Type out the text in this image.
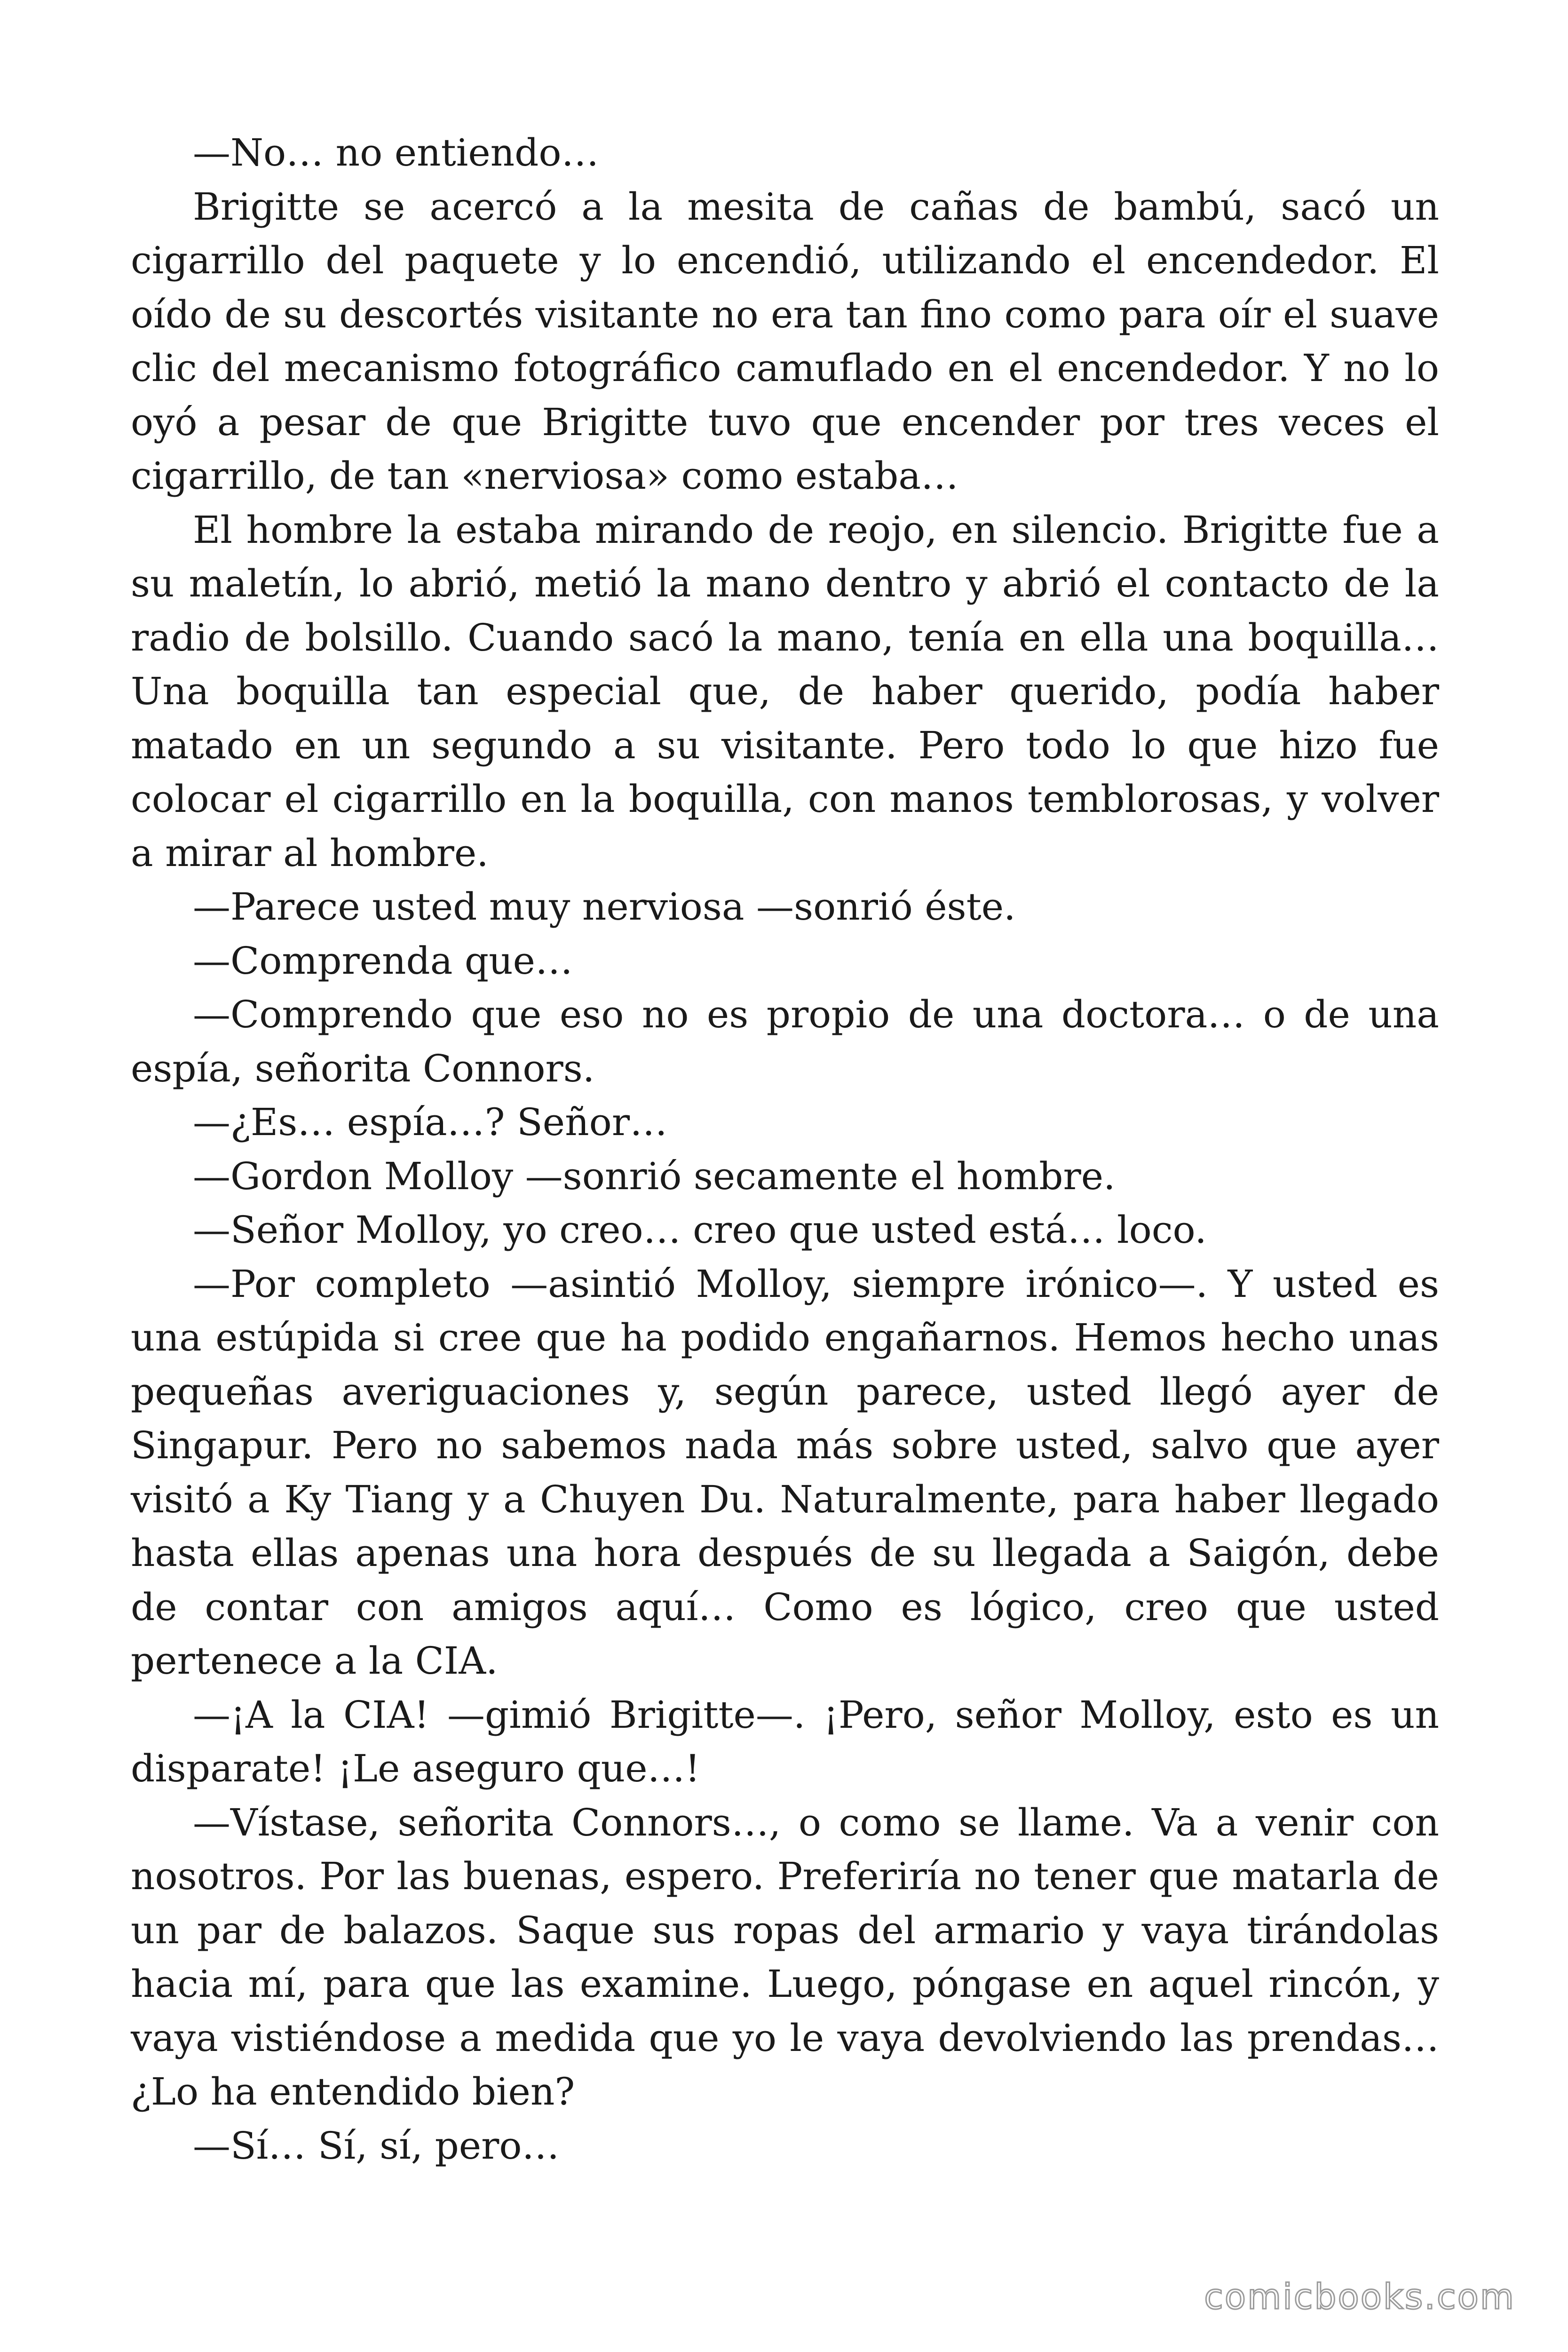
—No… no entiendo…

Brigitte se acercó a la mesita de cañas de bambú, sacó un cigarrillo del paquete y lo encendió, utilizando el encendedor. El oído de su descortés visitante no era tan fino como para oír el suave clic del mecanismo fotográfico camuflado en el encendedor. Y no lo oyó a pesar de que Brigitte tuvo que encender por tres veces el cigarrillo, de tan «nerviosa» como estaba…

El hombre la estaba mirando de reojo, en silencio. Brigitte fue a su maletín, lo abrió, metió la mano dentro y abrió el contacto de la radio de bolsillo. Cuando sacó la mano, tenía en ella una boquilla… Una boquilla tan especial que, de haber querido, podía haber matado en un segundo a su visitante. Pero todo lo que hizo fue colocar el cigarrillo en la boquilla, con manos temblorosas, y volver a mirar al hombre.

—Parece usted muy nerviosa —sonrió éste.

—Comprenda que…

—Comprendo que eso no es propio de una doctora… o de una espía, señorita Connors.

—¿Es… espía…? Señor…

—Gordon Molloy —sonrió secamente el hombre.

—Señor Molloy, yo creo… creo que usted está… loco.

—Por completo —asintió Molloy, siempre irónico—. Y usted es una estúpida si cree que ha podido engañarnos. Hemos hecho unas pequeñas averiguaciones y, según parece, usted llegó ayer de Singapur. Pero no sabemos nada más sobre usted, salvo que ayer visitó a Ky Tiang y a Chuyen Du. Naturalmente, para haber llegado hasta ellas apenas una hora después de su llegada a Saigón, debe de contar con amigos aquí… Como es lógico, creo que usted pertenece a la CIA.

—¡A la CIA! —gimió Brigitte—. ¡Pero, señor Molloy, esto es un disparate! ¡Le aseguro que…!

—Vístase, señorita Connors…, o como se llame. Va a venir con nosotros. Por las buenas, espero. Preferiría no tener que matarla de un par de balazos. Saque sus ropas del armario y vaya tirándolas hacia mí, para que las examine. Luego, póngase en aquel rincón, y vaya vistiéndose a medida que yo le vaya devolviendo las prendas… ¿Lo ha entendido bien?

—Sí… Sí, sí, pero…

comicbooks.com
